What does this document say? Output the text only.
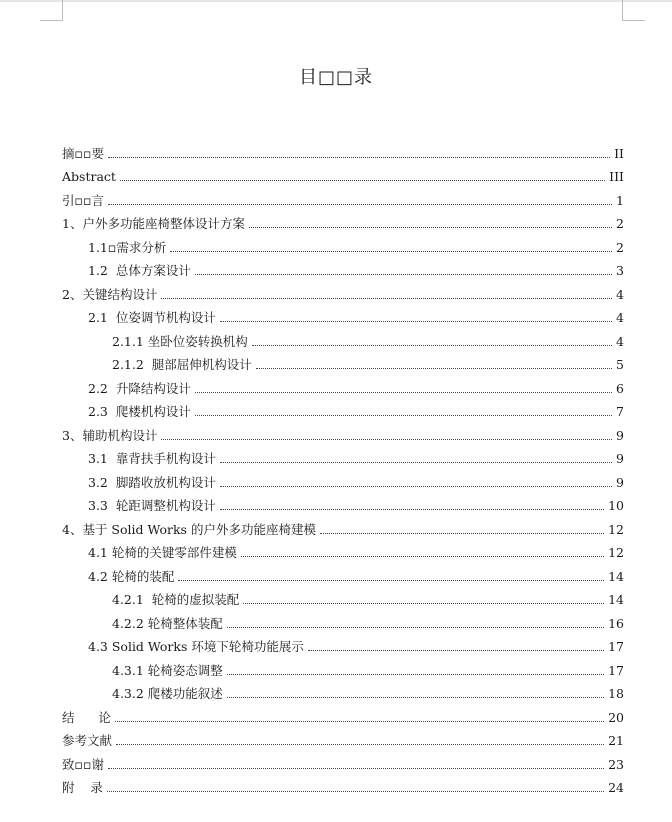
目□□录
摘▫▫要	II
Abstract	III
引▫▫言	1
1、户外多功能座椅整体设计方案	2
1.1▫需求分析	2
1.2  总体方案设计	3
2、关键结构设计	4
2.1  位姿调节机构设计	4
2.1.1 坐卧位姿转换机构	4
2.1.2  腿部屈伸机构设计	5
2.2  升降结构设计	6
2.3  爬楼机构设计	7
3、辅助机构设计	9
3.1  靠背扶手机构设计	9
3.2  脚踏收放机构设计	9
3.3  轮距调整机构设计	10
4、基于 Solid Works 的户外多功能座椅建模	12
4.1 轮椅的关键零部件建模	12
4.2 轮椅的装配	14
4.2.1  轮椅的虚拟装配	14
4.2.2 轮椅整体装配	16
4.3 Solid Works 环境下轮椅功能展示	17
4.3.1 轮椅姿态调整	17
4.3.2 爬楼功能叙述	18
结      论	20
参考文献	21
致▫▫谢	23
附    录	24
